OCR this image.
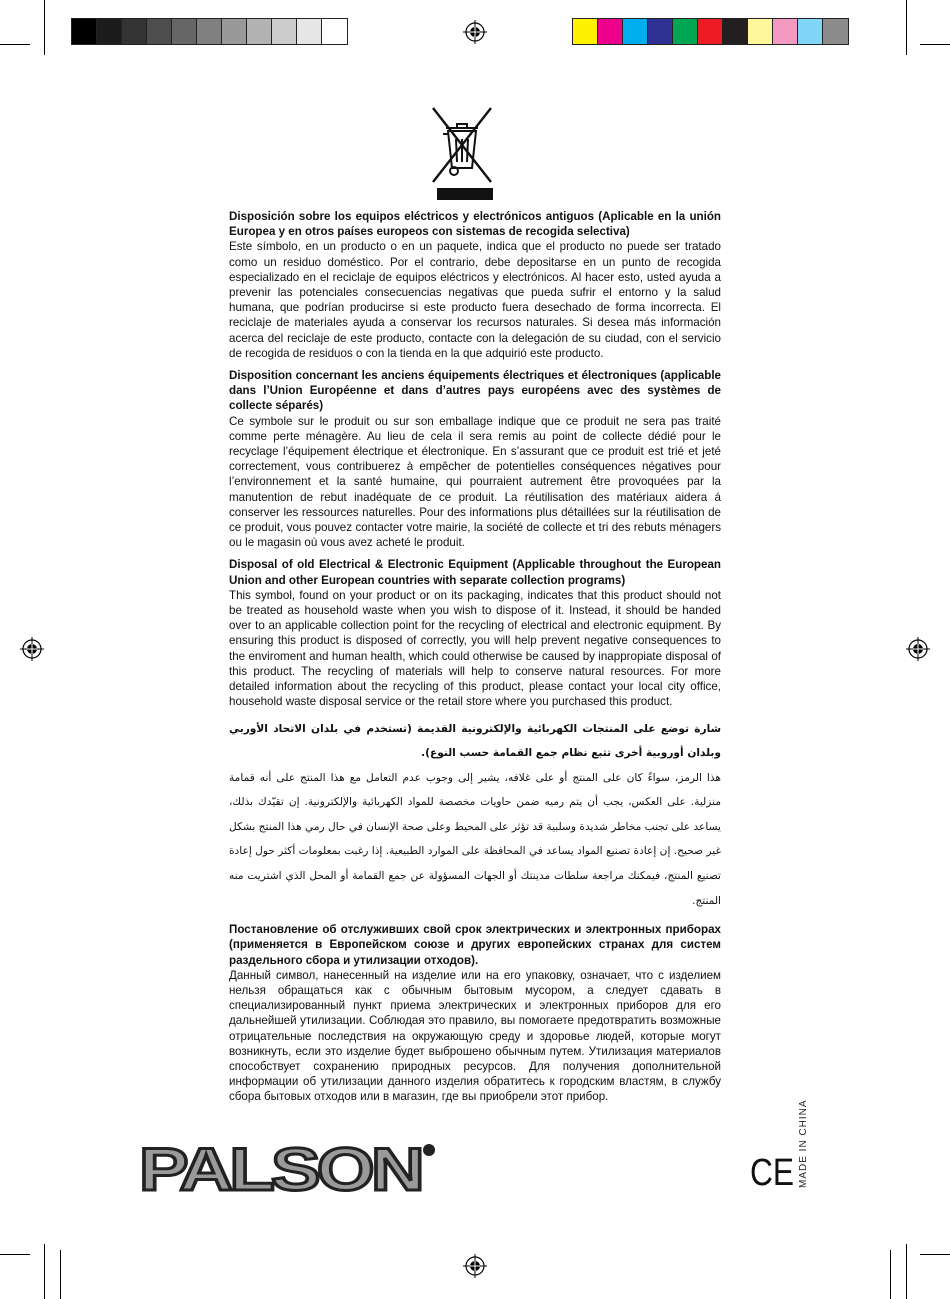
Disposición sobre los equipos eléctricos y electrónicos antiguos (Aplicable en la unión Europea y en otros países europeos con sistemas de recogida selectiva)

Este símbolo, en un producto o en un paquete, indica que el producto no puede ser tratado como un residuo doméstico. Por el contrario, debe depositarse en un punto de recogida especializado en el reciclaje de equipos eléctricos y electrónicos. Al hacer esto, usted ayuda a prevenir las potenciales consecuencias negativas que pueda sufrir el entorno y la salud humana, que podrían producirse si este producto fuera desechado de forma incorrecta. El reciclaje de materiales ayuda a conservar los recursos naturales. Si desea más información acerca del reciclaje de este producto, contacte con la delegación de su ciudad, con el servicio de recogida de residuos o con la tienda en la que adquirió este producto.

Disposition concernant les anciens équipements électriques et électroniques (applicable dans l’Union Européenne et dans d’autres pays européens avec des systèmes de collecte séparés)

Ce symbole sur le produit ou sur son emballage indique que ce produit ne sera pas traité comme perte ménagère. Au lieu de cela il sera remis au point de collecte dédié pour le recyclage l’équipement électrique et électronique. En s’assurant que ce produit est trié et jeté correctement, vous contribuerez à empêcher de potentielles conséquences négatives pour l’environnement et la santé humaine, qui pourraient autrement être provoquées par la manutention de rebut inadéquate de ce produit. La réutilisation des matériaux aidera á conserver les ressources naturelles. Pour des informations plus détaillées sur la réutilisation de ce produit, vous pouvez contacter votre mairie, la société de collecte et tri des rebuts ménagers ou le magasin où vous avez acheté le produit.

Disposal of old Electrical & Electronic Equipment (Applicable throughout the European Union and other European countries with separate collection programs)

This symbol, found on your product or on its packaging, indicates that this product should not be treated as household waste when you wish to dispose of it. Instead, it should be handed over to an applicable collection point for the recycling of electrical and electronic equipment. By ensuring this product is disposed of correctly, you will help prevent negative consequences to the enviroment and human health, which could otherwise be caused by inappropiate disposal of this product. The recycling of materials will help to conserve natural resources. For more detailed information about the recycling of this product, please contact your local city office, household waste disposal service or the retail store where you purchased this product.

شارة توضع على المنتجات الكهربائية والإلكترونية القديمة (تستخدم في بلدان الاتحاد الأوربي وبلدان أوروبية أخرى تتبع نظام جمع القمامة حسب النوع).

هذا الرمز، سواءً كان على المنتج أو على غلافه، يشير إلى وجوب عدم التعامل مع هذا المنتج على أنه قمامة منزلية. على العكس، يجب أن يتم رميه ضمن حاويات مخصصة للمواد الكهربائية والإلكترونية. إن تقيّدك بذلك، يساعد على تجنب مخاطر شديدة وسلبية قد تؤثر على المحيط وعلى صحة الإنسان في حال رمي هذا المنتج بشكل غير صحيح. إن إعادة تصنيع المواد يساعد في المحافظة على الموارد الطبيعية. إذا رغبت بمعلومات أكثر حول إعادة تصنيع المنتج، فيمكنك مراجعة سلطات مدينتك أو الجهات المسؤولة عن جمع القمامة أو المحل الذي اشتريت منه المنتج.

Постановление об отслуживших свой срок электрических и электронных приборах (применяется в Европейском союзе и других европейских странах для систем раздельного сбора и утилизации отходов).

Данный символ, нанесенный на изделие или на его упаковку, означает, что с изделием нельзя обращаться как с обычным бытовым мусором, а следует сдавать в специализированный пункт приема электрических и электронных приборов для его дальнейшей утилизации. Соблюдая это правило, вы помогаете предотвратить возможные отрицательные последствия на окружающую среду и здоровье людей, которые могут возникнуть, если это изделие будет выброшено обычным путем. Утилизация материалов способствует сохранению природных ресурсов. Для получения дополнительной информации об утилизации данного изделия обратитесь к городским властям, в службу сбора бытовых отходов или в магазин, где вы приобрели этот прибор.

PALSON	CE MADE IN CHINA
